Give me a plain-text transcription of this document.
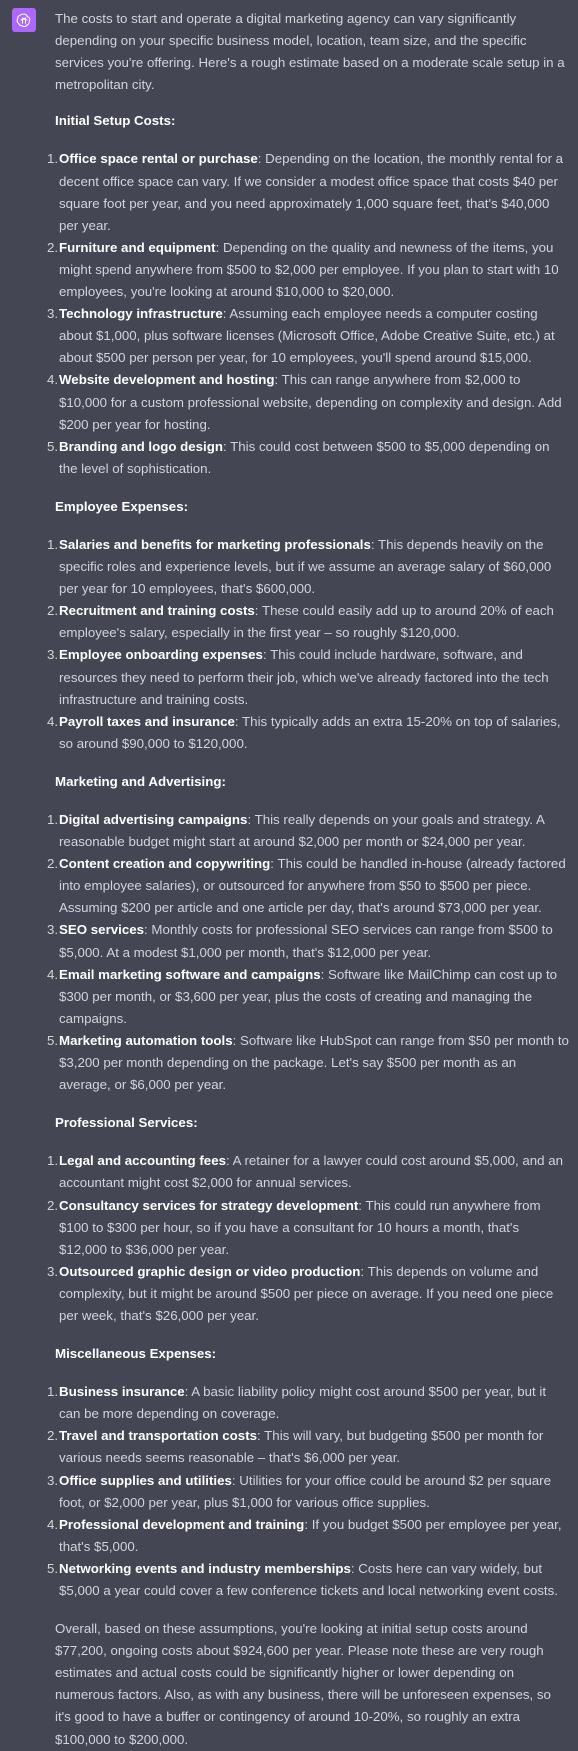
The costs to start and operate a digital marketing agency can vary significantly depending on your specific business model, location, team size, and the specific services you're offering. Here's a rough estimate based on a moderate scale setup in a metropolitan city.

Initial Setup Costs:

1. Office space rental or purchase: Depending on the location, the monthly rental for a decent office space can vary. If we consider a modest office space that costs $40 per square foot per year, and you need approximately 1,000 square feet, that's $40,000 per year.
2. Furniture and equipment: Depending on the quality and newness of the items, you might spend anywhere from $500 to $2,000 per employee. If you plan to start with 10 employees, you're looking at around $10,000 to $20,000.
3. Technology infrastructure: Assuming each employee needs a computer costing about $1,000, plus software licenses (Microsoft Office, Adobe Creative Suite, etc.) at about $500 per person per year, for 10 employees, you'll spend around $15,000.
4. Website development and hosting: This can range anywhere from $2,000 to $10,000 for a custom professional website, depending on complexity and design. Add $200 per year for hosting.
5. Branding and logo design: This could cost between $500 to $5,000 depending on the level of sophistication.

Employee Expenses:

1. Salaries and benefits for marketing professionals: This depends heavily on the specific roles and experience levels, but if we assume an average salary of $60,000 per year for 10 employees, that's $600,000.
2. Recruitment and training costs: These could easily add up to around 20% of each employee's salary, especially in the first year – so roughly $120,000.
3. Employee onboarding expenses: This could include hardware, software, and resources they need to perform their job, which we've already factored into the tech infrastructure and training costs.
4. Payroll taxes and insurance: This typically adds an extra 15-20% on top of salaries, so around $90,000 to $120,000.

Marketing and Advertising:

1. Digital advertising campaigns: This really depends on your goals and strategy. A reasonable budget might start at around $2,000 per month or $24,000 per year.
2. Content creation and copywriting: This could be handled in-house (already factored into employee salaries), or outsourced for anywhere from $50 to $500 per piece. Assuming $200 per article and one article per day, that's around $73,000 per year.
3. SEO services: Monthly costs for professional SEO services can range from $500 to $5,000. At a modest $1,000 per month, that's $12,000 per year.
4. Email marketing software and campaigns: Software like MailChimp can cost up to $300 per month, or $3,600 per year, plus the costs of creating and managing the campaigns.
5. Marketing automation tools: Software like HubSpot can range from $50 per month to $3,200 per month depending on the package. Let's say $500 per month as an average, or $6,000 per year.

Professional Services:

1. Legal and accounting fees: A retainer for a lawyer could cost around $5,000, and an accountant might cost $2,000 for annual services.
2. Consultancy services for strategy development: This could run anywhere from $100 to $300 per hour, so if you have a consultant for 10 hours a month, that's $12,000 to $36,000 per year.
3. Outsourced graphic design or video production: This depends on volume and complexity, but it might be around $500 per piece on average. If you need one piece per week, that's $26,000 per year.

Miscellaneous Expenses:

1. Business insurance: A basic liability policy might cost around $500 per year, but it can be more depending on coverage.
2. Travel and transportation costs: This will vary, but budgeting $500 per month for various needs seems reasonable – that's $6,000 per year.
3. Office supplies and utilities: Utilities for your office could be around $2 per square foot, or $2,000 per year, plus $1,000 for various office supplies.
4. Professional development and training: If you budget $500 per employee per year, that's $5,000.
5. Networking events and industry memberships: Costs here can vary widely, but $5,000 a year could cover a few conference tickets and local networking event costs.

Overall, based on these assumptions, you're looking at initial setup costs around $77,200, ongoing costs about $924,600 per year. Please note these are very rough estimates and actual costs could be significantly higher or lower depending on numerous factors. Also, as with any business, there will be unforeseen expenses, so it's good to have a buffer or contingency of around 10-20%, so roughly an extra $100,000 to $200,000.
